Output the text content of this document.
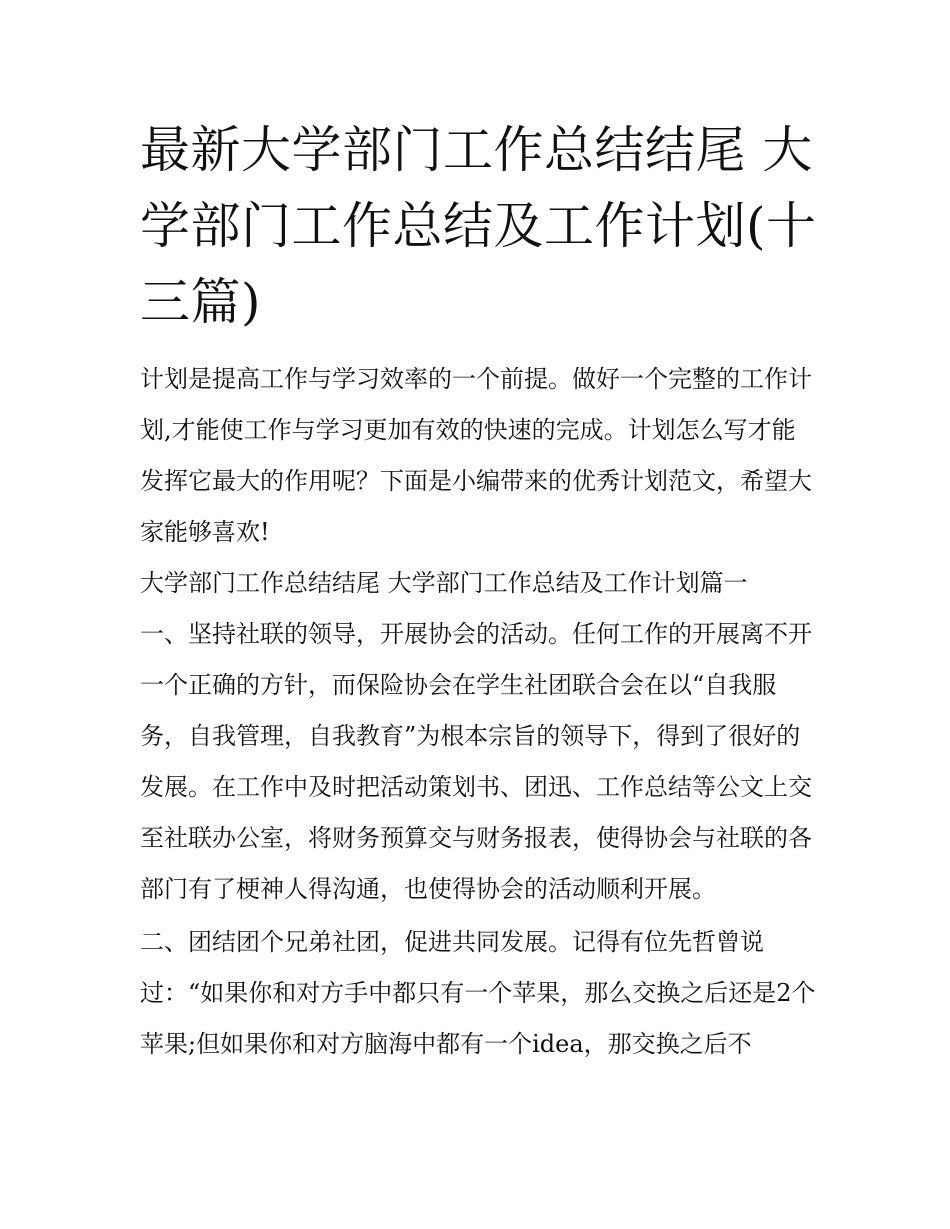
最新大学部门工作总结结尾 大学部门工作总结及工作计划(十三篇)

计划是提高工作与学习效率的一个前提。做好一个完整的工作计划,才能使工作与学习更加有效的快速的完成。计划怎么写才能发挥它最大的作用呢？下面是小编带来的优秀计划范文，希望大家能够喜欢!

大学部门工作总结结尾 大学部门工作总结及工作计划篇一

一、坚持社联的领导，开展协会的活动。任何工作的开展离不开一个正确的方针，而保险协会在学生社团联合会在以“自我服务，自我管理，自我教育”为根本宗旨的领导下，得到了很好的发展。在工作中及时把活动策划书、团迅、工作总结等公文上交至社联办公室，将财务预算交与财务报表，使得协会与社联的各部门有了梗神人得沟通，也使得协会的活动顺利开展。

二、团结团个兄弟社团，促进共同发展。记得有位先哲曾说过：“如果你和对方手中都只有一个苹果，那么交换之后还是2个苹果;但如果你和对方脑海中都有一个idea，那交换之后不
